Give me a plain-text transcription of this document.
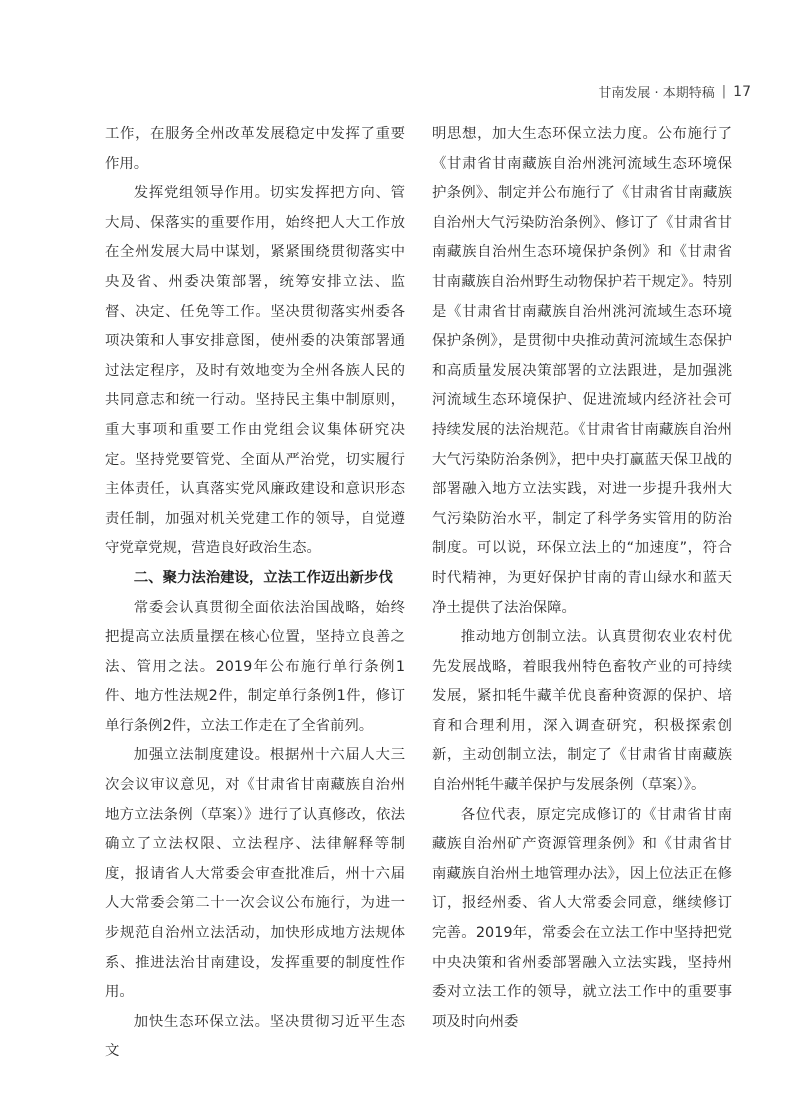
甘南发展 · 本期特稿 | 17

工作，在服务全州改革发展稳定中发挥了重要作用。

发挥党组领导作用。切实发挥把方向、管大局、保落实的重要作用，始终把人大工作放在全州发展大局中谋划，紧紧围绕贯彻落实中央及省、州委决策部署，统筹安排立法、监督、决定、任免等工作。坚决贯彻落实州委各项决策和人事安排意图，使州委的决策部署通过法定程序，及时有效地变为全州各族人民的共同意志和统一行动。坚持民主集中制原则，重大事项和重要工作由党组会议集体研究决定。坚持党要管党、全面从严治党，切实履行主体责任，认真落实党风廉政建设和意识形态责任制，加强对机关党建工作的领导，自觉遵守党章党规，营造良好政治生态。

二、聚力法治建设，立法工作迈出新步伐

常委会认真贯彻全面依法治国战略，始终把提高立法质量摆在核心位置，坚持立良善之法、管用之法。2019年公布施行单行条例1件、地方性法规2件，制定单行条例1件，修订单行条例2件，立法工作走在了全省前列。

加强立法制度建设。根据州十六届人大三次会议审议意见，对《甘肃省甘南藏族自治州地方立法条例（草案）》进行了认真修改，依法确立了立法权限、立法程序、法律解释等制度，报请省人大常委会审查批准后，州十六届人大常委会第二十一次会议公布施行，为进一步规范自治州立法活动，加快形成地方法规体系、推进法治甘南建设，发挥重要的制度性作用。

加快生态环保立法。坚决贯彻习近平生态文

明思想，加大生态环保立法力度。公布施行了《甘肃省甘南藏族自治州洮河流域生态环境保护条例》、制定并公布施行了《甘肃省甘南藏族自治州大气污染防治条例》、修订了《甘肃省甘南藏族自治州生态环境保护条例》和《甘肃省甘南藏族自治州野生动物保护若干规定》。特别是《甘肃省甘南藏族自治州洮河流域生态环境保护条例》，是贯彻中央推动黄河流域生态保护和高质量发展决策部署的立法跟进，是加强洮河流域生态环境保护、促进流域内经济社会可持续发展的法治规范。《甘肃省甘南藏族自治州大气污染防治条例》，把中央打赢蓝天保卫战的部署融入地方立法实践，对进一步提升我州大气污染防治水平，制定了科学务实管用的防治制度。可以说，环保立法上的“加速度”，符合时代精神，为更好保护甘南的青山绿水和蓝天净土提供了法治保障。

推动地方创制立法。认真贯彻农业农村优先发展战略，着眼我州特色畜牧产业的可持续发展，紧扣牦牛藏羊优良畜种资源的保护、培育和合理利用，深入调查研究，积极探索创新，主动创制立法，制定了《甘肃省甘南藏族自治州牦牛藏羊保护与发展条例（草案）》。

各位代表，原定完成修订的《甘肃省甘南藏族自治州矿产资源管理条例》和《甘肃省甘南藏族自治州土地管理办法》，因上位法正在修订，报经州委、省人大常委会同意，继续修订完善。2019年，常委会在立法工作中坚持把党中央决策和省州委部署融入立法实践，坚持州委对立法工作的领导，就立法工作中的重要事项及时向州委
